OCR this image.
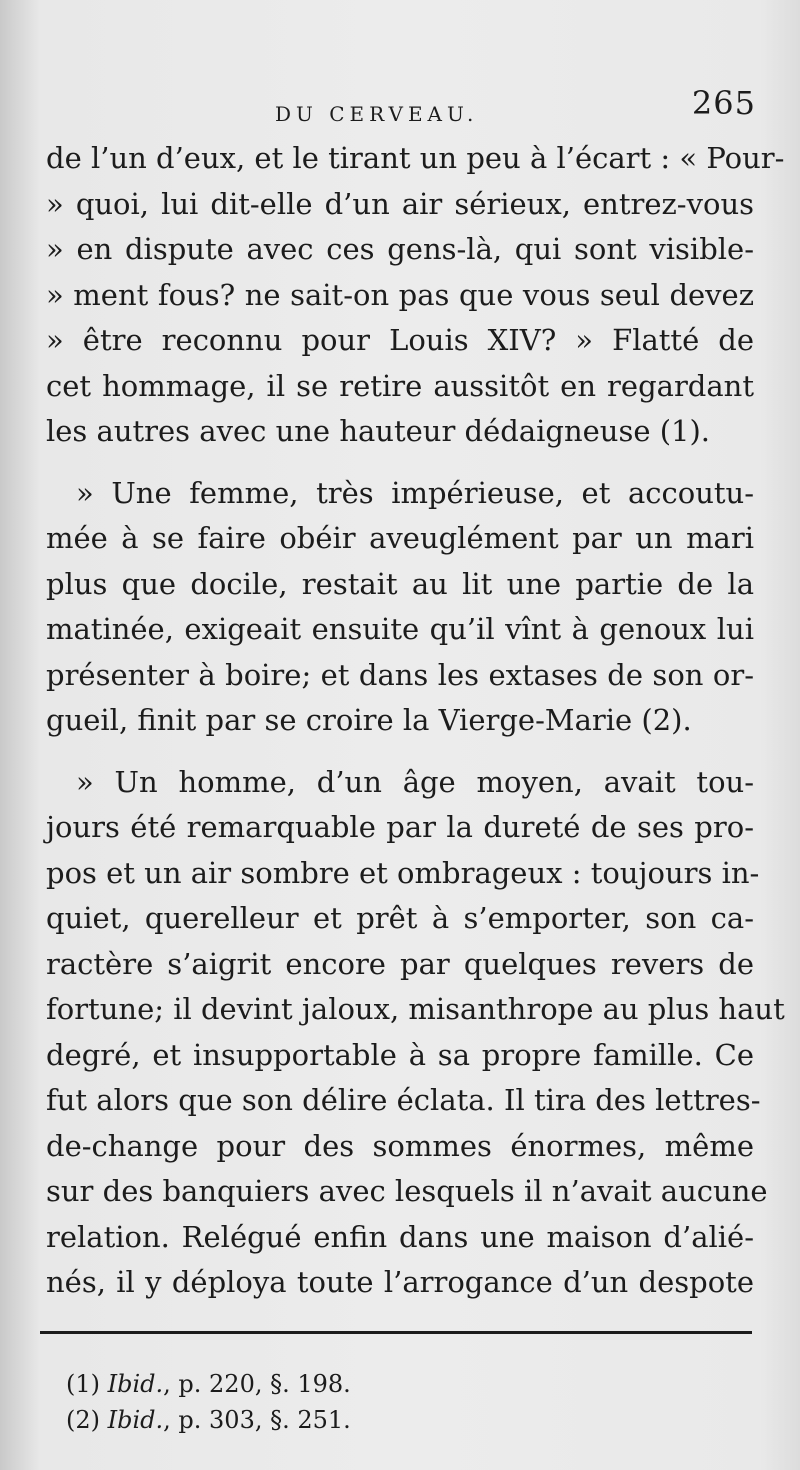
DU CERVEAU.	265
de l’un d’eux, et le tirant un peu à l’écart : « Pour-
» quoi, lui dit-elle d’un air sérieux, entrez-vous
» en dispute avec ces gens-là, qui sont visible-
» ment fous? ne sait-on pas que vous seul devez
» être reconnu pour Louis XIV? » Flatté de
cet hommage, il se retire aussitôt en regardant
les autres avec une hauteur dédaigneuse (1).
» Une femme, très impérieuse, et accoutu-
mée à se faire obéir aveuglément par un mari
plus que docile, restait au lit une partie de la
matinée, exigeait ensuite qu’il vînt à genoux lui
présenter à boire; et dans les extases de son or-
gueil, finit par se croire la Vierge-Marie (2).
» Un homme, d’un âge moyen, avait tou-
jours été remarquable par la dureté de ses pro-
pos et un air sombre et ombrageux : toujours in-
quiet, querelleur et prêt à s’emporter, son ca-
ractère s’aigrit encore par quelques revers de
fortune; il devint jaloux, misanthrope au plus haut
degré, et insupportable à sa propre famille. Ce
fut alors que son délire éclata. Il tira des lettres-
de-change pour des sommes énormes, même
sur des banquiers avec lesquels il n’avait aucune
relation. Relégué enfin dans une maison d’alié-
nés, il y déploya toute l’arrogance d’un despote
(1) Ibid., p. 220, §. 198.
(2) Ibid., p. 303, §. 251.
